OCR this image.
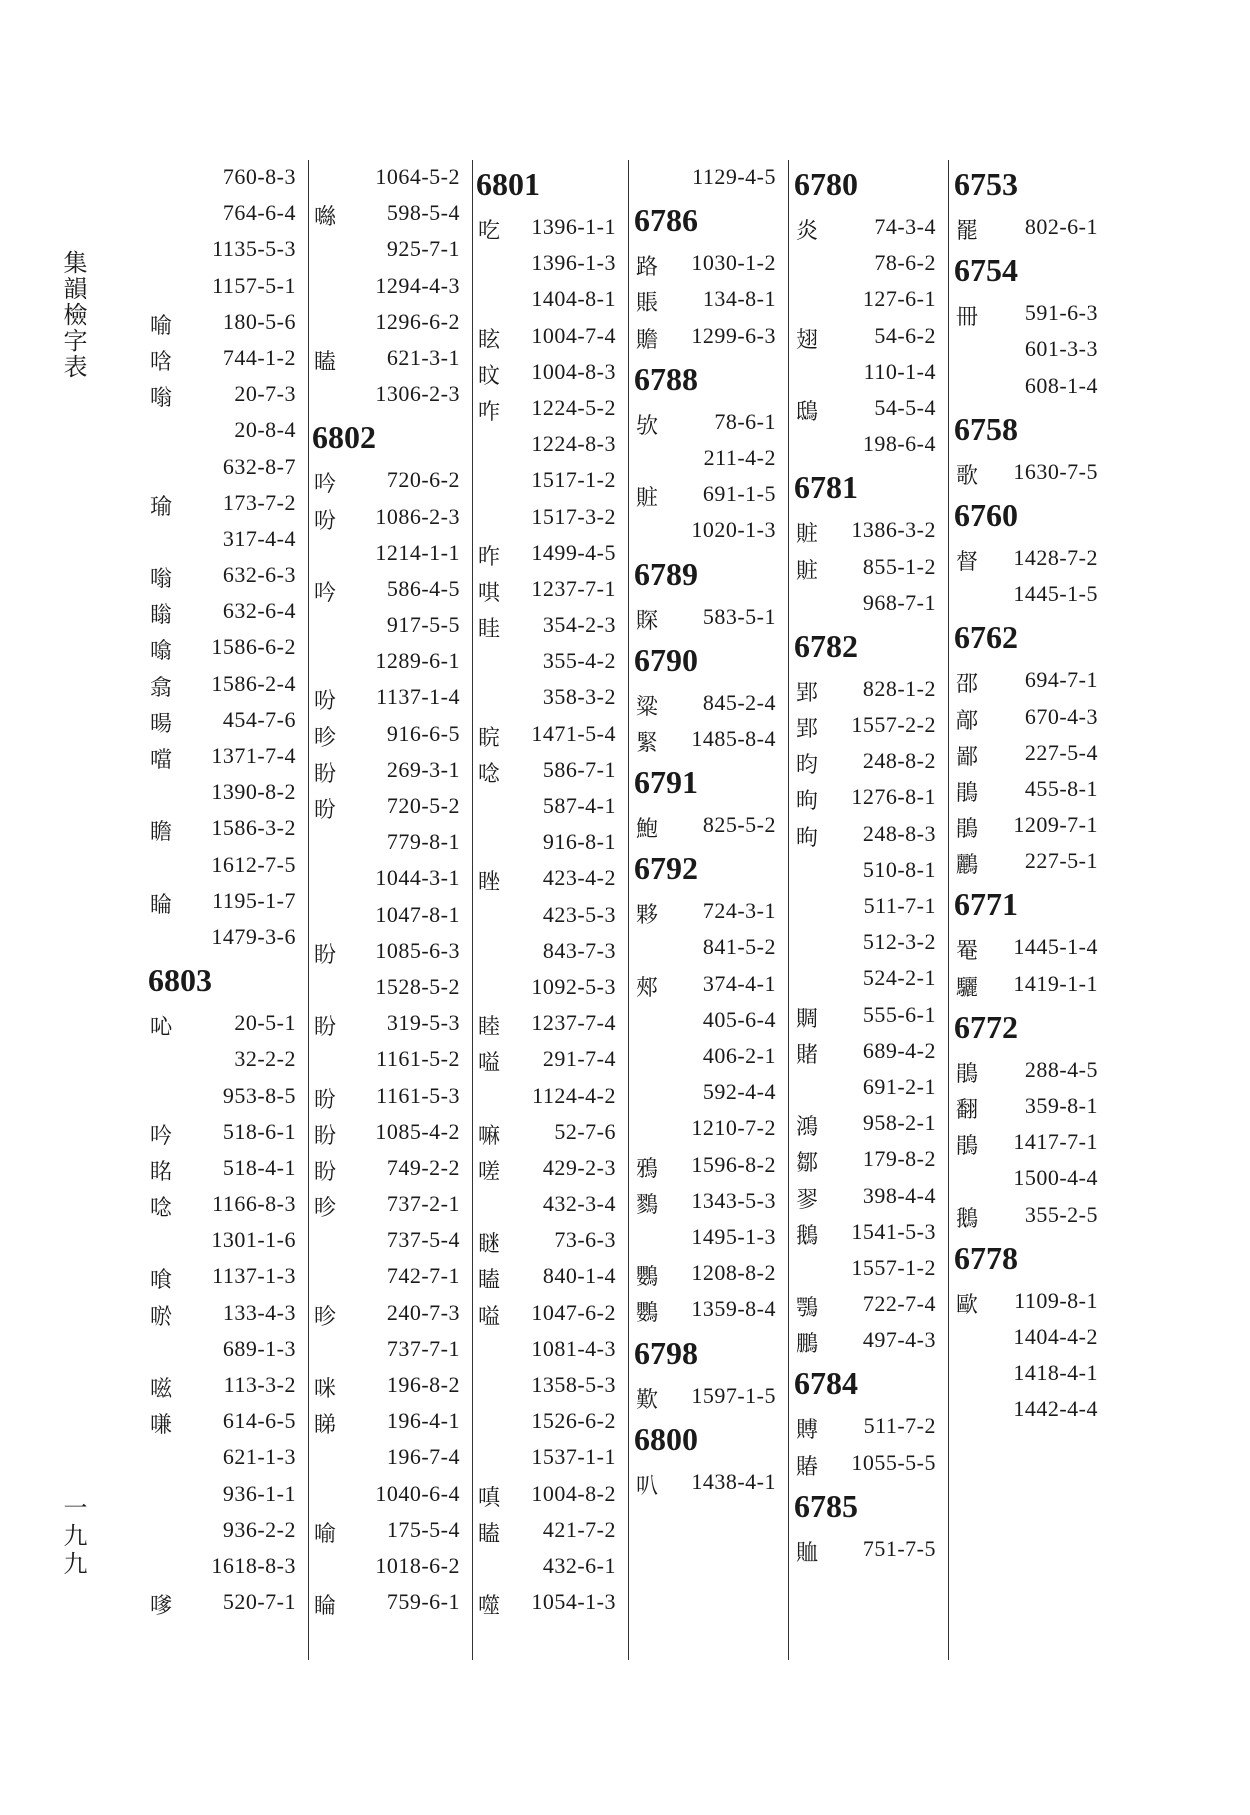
集韻檢字表
一九九
760-8-3
764-6-4
1135-5-3
1157-5-1
喻 180-5-6
唅 744-1-2
嗡	20-7-3
20-8-4
632-8-7
瑜 173-7-2
317-4-4
嗡 632-6-3
瞈 632-6-4
噏 1586-6-2
翕 1586-2-4
暘 454-7-6
噹 1371-7-4
1390-8-2
瞻 1586-3-2
1612-7-5
睔 1195-1-7
1479-3-6
6803
吣	20-5-1
32-2-2
953-8-5
吟 518-6-1
眳 518-4-1
唸 1166-8-3
1301-1-6
喰 1137-1-3
唹 133-4-3
689-1-3
嗞 113-3-2
嗛 614-6-5
621-1-3
936-1-1
936-2-2
1618-8-3
嗲 520-7-1
1064-5-2
噝 598-5-4
925-7-1
1294-4-3
1296-6-2
瞌 621-3-1
1306-2-3
6802
吟 720-6-2
吩 1086-2-3
1214-1-1
吟 586-4-5
917-5-5
1289-6-1
吩 1137-1-4
昣 916-6-5
盼 269-3-1
昐 720-5-2
779-8-1
1044-3-1
1047-8-1
盼 1085-6-3
1528-5-2
盼 319-5-3
1161-5-2
昐 1161-5-3
盼 1085-4-2
盼 749-2-2
昣 737-2-1
737-5-4
742-7-1
昣 240-7-3
737-7-1
咪 196-8-2
睇 196-4-1
196-7-4
1040-6-4
喻 175-5-4
1018-6-2
睔 759-6-1
6801
吃 1396-1-1
1396-1-3
1404-8-1
眩 1004-7-4
旼 1004-8-3
咋 1224-5-2
1224-8-3
1517-1-2
1517-3-2
昨 1499-4-5
唭 1237-7-1
眭 354-2-3
355-4-2
358-3-2
睆 1471-5-4
唸 586-7-1
587-4-1
916-8-1
睉 423-4-2
423-5-3
843-7-3
1092-5-3
睦 1237-7-4
嗌 291-7-4
1124-4-2
嘛 52-7-6
嗟 429-2-3
432-3-4
瞇 73-6-3
瞌 840-1-4
嗌 1047-6-2
1081-4-3
1358-5-3
1526-6-2
1537-1-1
嗔 1004-8-2
瞌 421-7-2
432-6-1
噬 1054-1-3
1129-4-5
6786
路 1030-1-2
賬 134-8-1
贍 1299-6-3
6788
欤	78-6-1
211-4-2
賍 691-1-5
1020-1-3
6789
賝 583-5-1
6790
粱 845-2-4
緊 1485-8-4
6791
鮑 825-5-2
6792
夥 724-3-1
841-5-2
郟 374-4-1
405-6-4
406-2-1
592-4-4
1210-7-2
鴉 1596-8-2
鷚 1343-5-3
1495-1-3
鸚 1208-8-2
鸚 1359-8-4
6798
歎 1597-1-5
6800
叭 1438-4-1
6780
炎	74-3-4
78-6-2
127-6-1
翅	54-6-2
110-1-4
鴟	54-5-4
198-6-4
6781
賍 1386-3-2
賍 855-1-2
968-7-1
6782
郢 828-1-2
郢 1557-2-2
昀 248-8-2
昫 1276-8-1
昫 248-8-3
510-8-1
511-7-1
512-3-2
524-2-1
賙 555-6-1
賭 689-4-2
691-2-1
鴻 958-2-1
鄒 179-8-2
翏 398-4-4
鵝 1541-5-3
1557-1-2
鶚 722-7-4
鵬 497-4-3
6784
賻 511-7-2
賰 1055-5-5
6785
賉 751-7-5
6753
罷 802-6-1
6754
冊 591-6-3
601-3-3
608-1-4
6758
歌 1630-7-5
6760
督 1428-7-2
1445-1-5
6762
邵 694-7-1
鄗 670-4-3
鄙 227-5-4
鵑 455-8-1
鵑 1209-7-1
鸝 227-5-1
6771
罨 1445-1-4
驪 1419-1-1
6772
鵑 288-4-5
翻 359-8-1
鵑 1417-7-1
1500-4-4
鵝 355-2-5
6778
歐 1109-8-1
1404-4-2
1418-4-1
1442-4-4
